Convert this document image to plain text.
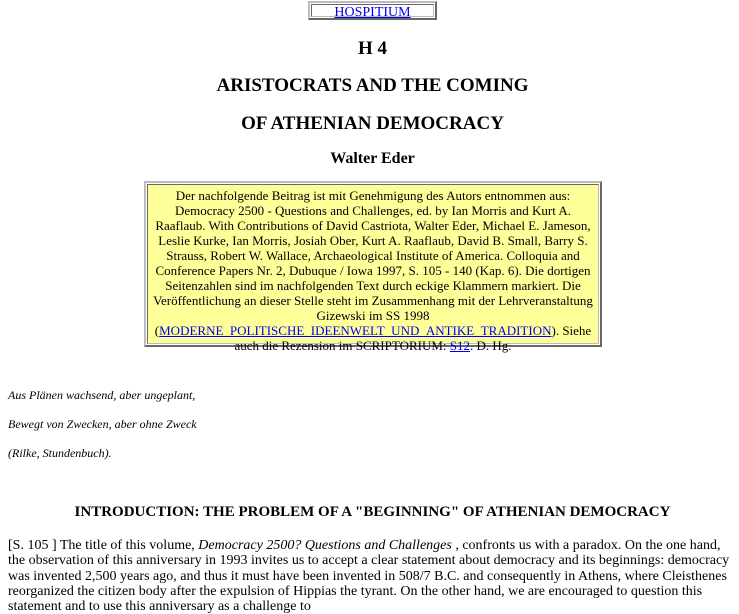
HOSPITIUM
H 4
ARISTOCRATS AND THE COMING
OF ATHENIAN DEMOCRACY
Walter Eder
Der nachfolgende Beitrag ist mit Genehmigung des Autors entnommen aus: Democracy 2500 - Questions and Challenges, ed. by Ian Morris and Kurt A. Raaflaub. With Contributions of David Castriota, Walter Eder, Michael E. Jameson, Leslie Kurke, Ian Morris, Josiah Ober, Kurt A. Raaflaub, David B. Small, Barry S. Strauss, Robert W. Wallace, Archaeological Institute of America. Colloquia and Conference Papers Nr. 2, Dubuque / Iowa 1997, S. 105 - 140 (Kap. 6). Die dortigen Seitenzahlen sind im nachfolgenden Text durch eckige Klammern markiert. Die Veröffentlichung an dieser Stelle steht im Zusammenhang mit der Lehrveranstaltung Gizewski im SS 1998 (MODERNE_POLITISCHE_IDEENWELT_UND_ANTIKE_TRADITION). Siehe auch die Rezension im SCRIPTORIUM: S12. D. Hg.
Aus Plänen wachsend, aber ungeplant,
Bewegt von Zwecken, aber ohne Zweck
(Rilke, Stundenbuch).
INTRODUCTION: THE PROBLEM OF A "BEGINNING" OF ATHENIAN DEMOCRACY
[S. 105 ] The title of this volume, Democracy 2500? Questions and Challenges , confronts us with a paradox. On the one hand, the observation of this anniversary in 1993 invites us to accept a clear statement about democracy and its beginnings: democracy was invented 2,500 years ago, and thus it must have been invented in 508/7 B.C. and consequently in Athens, where Cleisthenes reorganized the citizen body after the expulsion of Hippias the tyrant. On the other hand, we are encouraged to question this statement and to use this anniversary as a challenge to
